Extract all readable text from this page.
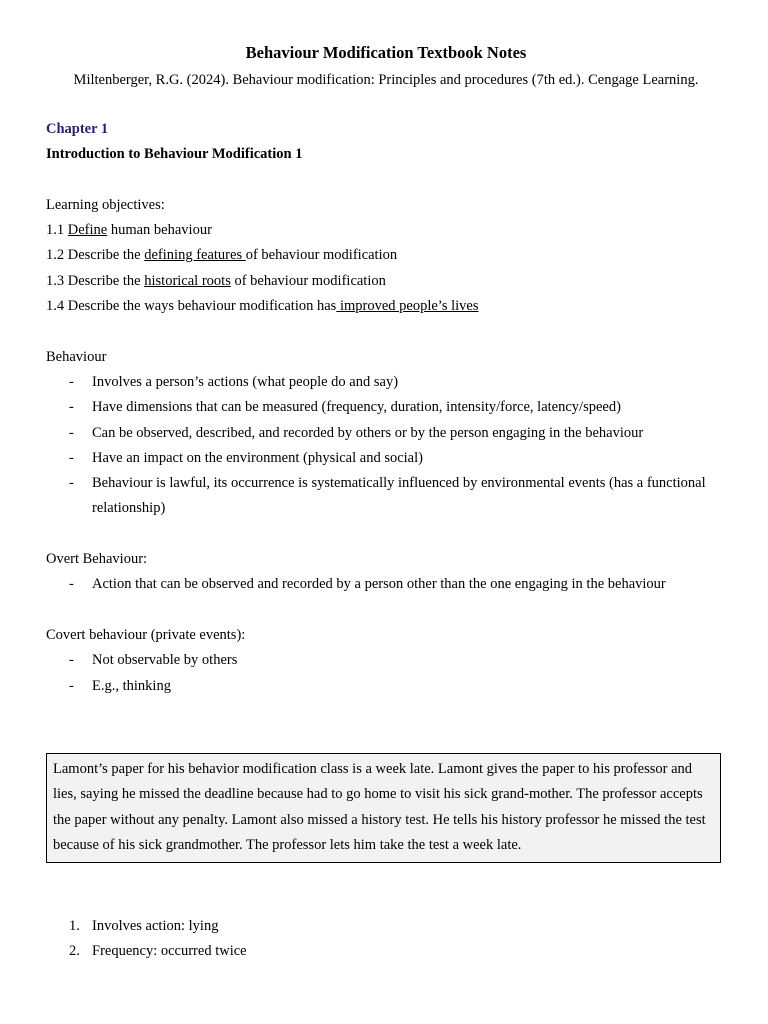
Behaviour Modification Textbook Notes
Miltenberger, R.G. (2024). Behaviour modification: Principles and procedures (7th ed.). Cengage Learning.
Chapter 1
Introduction to Behaviour Modification 1
Learning objectives:
1.1 Define human behaviour
1.2 Describe the defining features of behaviour modification
1.3 Describe the historical roots of behaviour modification
1.4 Describe the ways behaviour modification has improved people’s lives
Behaviour
- Involves a person’s actions (what people do and say)
- Have dimensions that can be measured (frequency, duration, intensity/force, latency/speed)
- Can be observed, described, and recorded by others or by the person engaging in the behaviour
- Have an impact on the environment (physical and social)
- Behaviour is lawful, its occurrence is systematically influenced by environmental events (has a functional relationship)
Overt Behaviour:
- Action that can be observed and recorded by a person other than the one engaging in the behaviour
Covert behaviour (private events):
- Not observable by others
- E.g., thinking
Lamont’s paper for his behavior modification class is a week late. Lamont gives the paper to his professor and lies, saying he missed the deadline because had to go home to visit his sick grand-mother. The professor accepts the paper without any penalty. Lamont also missed a history test. He tells his history professor he missed the test because of his sick grandmother. The professor lets him take the test a week late.
1. Involves action: lying
2. Frequency: occurred twice
